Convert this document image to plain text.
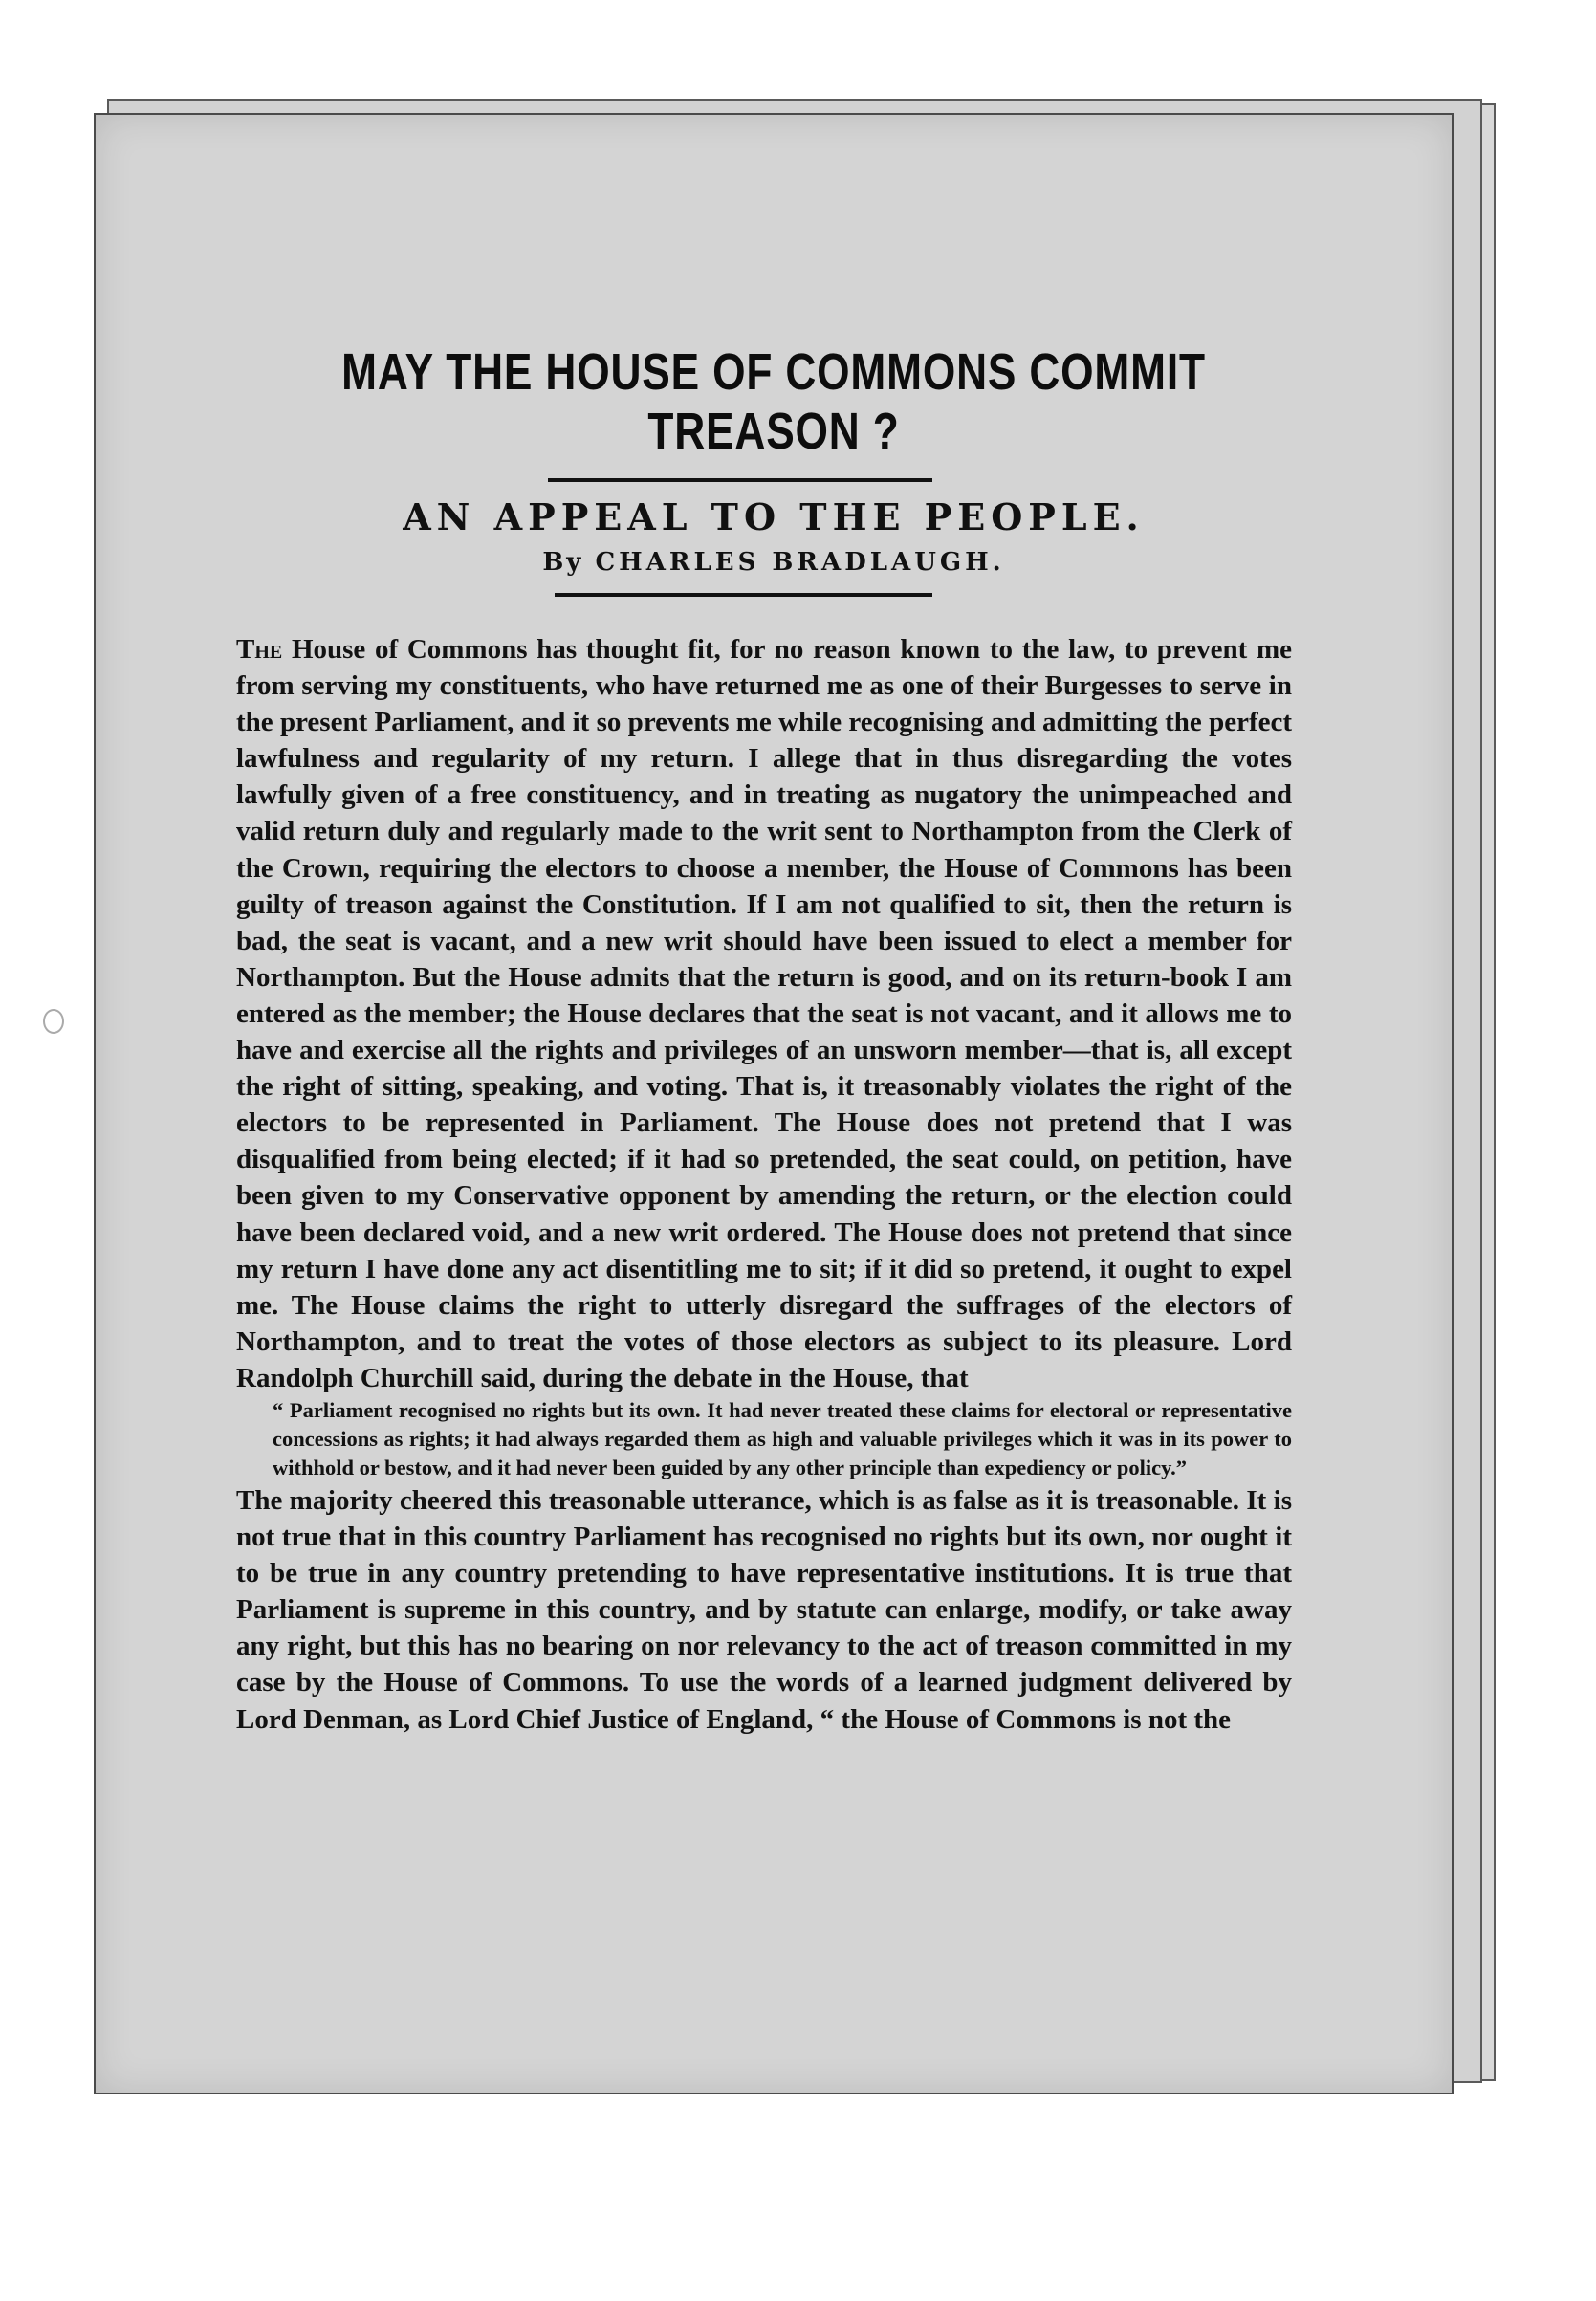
MAY THE HOUSE OF COMMONS COMMIT
TREASON ?
AN APPEAL TO THE PEOPLE.
By CHARLES BRADLAUGH.

The House of Commons has thought fit, for no reason known to the law, to prevent me from serving my constituents, who have returned me as one of their Burgesses to serve in the present Parliament, and it so prevents me while recognising and admitting the perfect lawfulness and regularity of my return. I allege that in thus disregarding the votes lawfully given of a free constituency, and in treating as nugatory the unimpeached and valid return duly and regularly made to the writ sent to Northampton from the Clerk of the Crown, requiring the electors to choose a member, the House of Commons has been guilty of treason against the Constitution. If I am not qualified to sit, then the return is bad, the seat is vacant, and a new writ should have been issued to elect a member for Northampton. But the House admits that the return is good, and on its return-book I am entered as the member; the House declares that the seat is not vacant, and it allows me to have and exercise all the rights and privileges of an unsworn member—that is, all except the right of sitting, speaking, and voting. That is, it treasonably violates the right of the electors to be represented in Parliament. The House does not pretend that I was disqualified from being elected; if it had so pretended, the seat could, on petition, have been given to my Conservative opponent by amending the return, or the election could have been declared void, and a new writ ordered. The House does not pretend that since my return I have done any act disentitling me to sit; if it did so pretend, it ought to expel me. The House claims the right to utterly disregard the suffrages of the electors of Northampton, and to treat the votes of those electors as subject to its pleasure. Lord Randolph Churchill said, during the debate in the House, that

“ Parliament recognised no rights but its own. It had never treated these claims for electoral or representative concessions as rights; it had always regarded them as high and valuable privileges which it was in its power to withhold or bestow, and it had never been guided by any other principle than expediency or policy.”

The majority cheered this treasonable utterance, which is as false as it is treasonable. It is not true that in this country Parliament has recognised no rights but its own, nor ought it to be true in any country pretending to have representative institutions. It is true that Parliament is supreme in this country, and by statute can enlarge, modify, or take away any right, but this has no bearing on nor relevancy to the act of treason committed in my case by the House of Commons. To use the words of a learned judgment delivered by Lord Denman, as Lord Chief Justice of England, “ the House of Commons is not the
